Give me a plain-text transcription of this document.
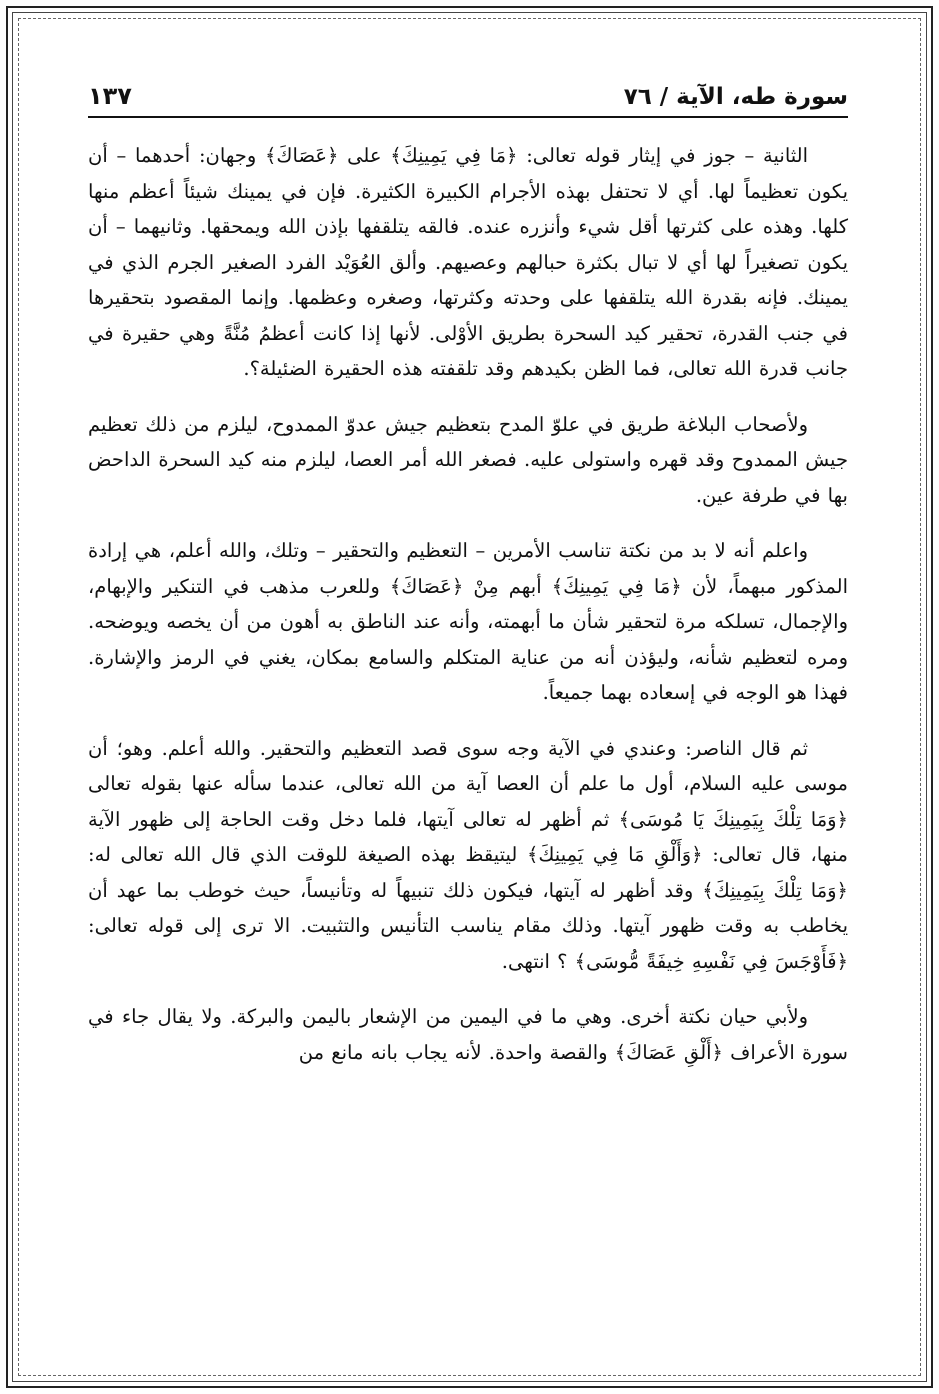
سورة طه، الآية / ٧٦
١٣٧

الثانية – جوز في إيثار قوله تعالى: ﴿مَا فِي يَمِينِكَ﴾ على ﴿عَصَاكَ﴾ وجهان: أحدهما – أن يكون تعظيماً لها. أي لا تحتفل بهذه الأجرام الكبيرة الكثيرة. فإن في يمينك شيئاً أعظم منها كلها. وهذه على كثرتها أقل شيء وأنزره عنده. فالقه يتلقفها بإذن الله ويمحقها. وثانيهما – أن يكون تصغيراً لها أي لا تبال بكثرة حبالهم وعصيهم. وألق العُوَيْد الفرد الصغير الجرم الذي في يمينك. فإنه بقدرة الله يتلقفها على وحدته وكثرتها، وصغره وعظمها. وإنما المقصود بتحقيرها في جنب القدرة، تحقير كيد السحرة بطريق الأوْلى. لأنها إذا كانت أعظمُ مُنَّةً وهي حقيرة في جانب قدرة الله تعالى، فما الظن بكيدهم وقد تلقفته هذه الحقيرة الضئيلة؟.

ولأصحاب البلاغة طريق في علوّ المدح بتعظيم جيش عدوّ الممدوح، ليلزم من ذلك تعظيم جيش الممدوح وقد قهره واستولى عليه. فصغر الله أمر العصا، ليلزم منه كيد السحرة الداحض بها في طرفة عين.

واعلم أنه لا بد من نكتة تناسب الأمرين – التعظيم والتحقير – وتلك، والله أعلم، هي إرادة المذكور مبهماً، لأن ﴿مَا فِي يَمِينِكَ﴾ أبهم مِنْ ﴿عَصَاكَ﴾ وللعرب مذهب في التنكير والإبهام، والإجمال، تسلكه مرة لتحقير شأن ما أبهمته، وأنه عند الناطق به أهون من أن يخصه ويوضحه. ومره لتعظيم شأنه، وليؤذن أنه من عناية المتكلم والسامع بمكان، يغني في الرمز والإشارة. فهذا هو الوجه في إسعاده بهما جميعاً.

ثم قال الناصر: وعندي في الآية وجه سوى قصد التعظيم والتحقير. والله أعلم. وهو؛ أن موسى عليه السلام، أول ما علم أن العصا آية من الله تعالى، عندما سأله عنها بقوله تعالى ﴿وَمَا تِلْكَ بِيَمِينِكَ يَا مُوسَى﴾ ثم أظهر له تعالى آيتها، فلما دخل وقت الحاجة إلى ظهور الآية منها، قال تعالى: ﴿وَأَلْقِ مَا فِي يَمِينِكَ﴾ ليتيقظ بهذه الصيغة للوقت الذي قال الله تعالى له: ﴿وَمَا تِلْكَ بِيَمِينِكَ﴾ وقد أظهر له آيتها، فيكون ذلك تنبيهاً له وتأنيساً، حيث خوطب بما عهد أن يخاطب به وقت ظهور آيتها. وذلك مقام يناسب التأنيس والتثبيت. الا ترى إلى قوله تعالى: ﴿فَأَوْجَسَ فِي نَفْسِهِ خِيفَةً مُّوسَى﴾ ؟ انتهى.

ولأبي حيان نكتة أخرى. وهي ما في اليمين من الإشعار باليمن والبركة. ولا يقال جاء في سورة الأعراف ﴿أَلْقِ عَصَاكَ﴾ والقصة واحدة. لأنه يجاب بانه مانع من
